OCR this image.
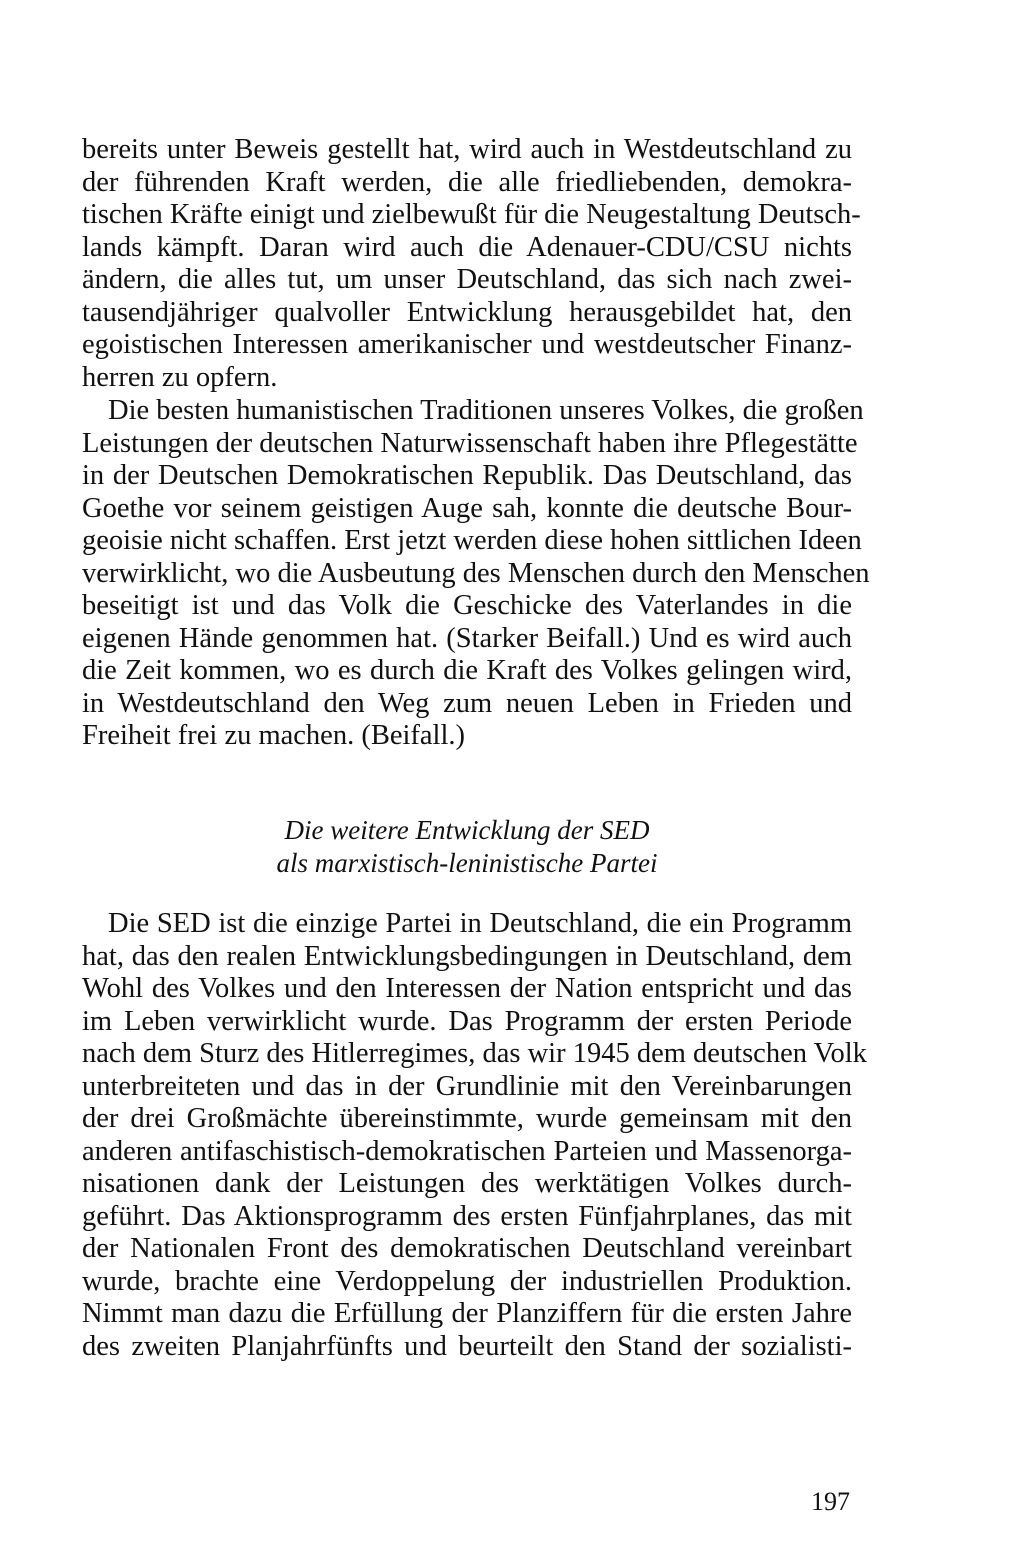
bereits unter Beweis gestellt hat, wird auch in Westdeutschland zu
der führenden Kraft werden, die alle friedliebenden, demokra-
tischen Kräfte einigt und zielbewußt für die Neugestaltung Deutsch-
lands kämpft. Daran wird auch die Adenauer-CDU/CSU nichts
ändern, die alles tut, um unser Deutschland, das sich nach zwei-
tausendjähriger qualvoller Entwicklung herausgebildet hat, den
egoistischen Interessen amerikanischer und westdeutscher Finanz-
herren zu opfern.
Die besten humanistischen Traditionen unseres Volkes, die großen
Leistungen der deutschen Naturwissenschaft haben ihre Pflegestätte
in der Deutschen Demokratischen Republik. Das Deutschland, das
Goethe vor seinem geistigen Auge sah, konnte die deutsche Bour-
geoisie nicht schaffen. Erst jetzt werden diese hohen sittlichen Ideen
verwirklicht, wo die Ausbeutung des Menschen durch den Menschen
beseitigt ist und das Volk die Geschicke des Vaterlandes in die
eigenen Hände genommen hat. (Starker Beifall.) Und es wird auch
die Zeit kommen, wo es durch die Kraft des Volkes gelingen wird,
in Westdeutschland den Weg zum neuen Leben in Frieden und
Freiheit frei zu machen. (Beifall.)
Die weitere Entwicklung der SED
als marxistisch-leninistische Partei
Die SED ist die einzige Partei in Deutschland, die ein Programm
hat, das den realen Entwicklungsbedingungen in Deutschland, dem
Wohl des Volkes und den Interessen der Nation entspricht und das
im Leben verwirklicht wurde. Das Programm der ersten Periode
nach dem Sturz des Hitlerregimes, das wir 1945 dem deutschen Volk
unterbreiteten und das in der Grundlinie mit den Vereinbarungen
der drei Großmächte übereinstimmte, wurde gemeinsam mit den
anderen antifaschistisch-demokratischen Parteien und Massenorga-
nisationen dank der Leistungen des werktätigen Volkes durch-
geführt. Das Aktionsprogramm des ersten Fünfjahrplanes, das mit
der Nationalen Front des demokratischen Deutschland vereinbart
wurde, brachte eine Verdoppelung der industriellen Produktion.
Nimmt man dazu die Erfüllung der Planziffern für die ersten Jahre
des zweiten Planjahrfünfts und beurteilt den Stand der sozialisti-
197
